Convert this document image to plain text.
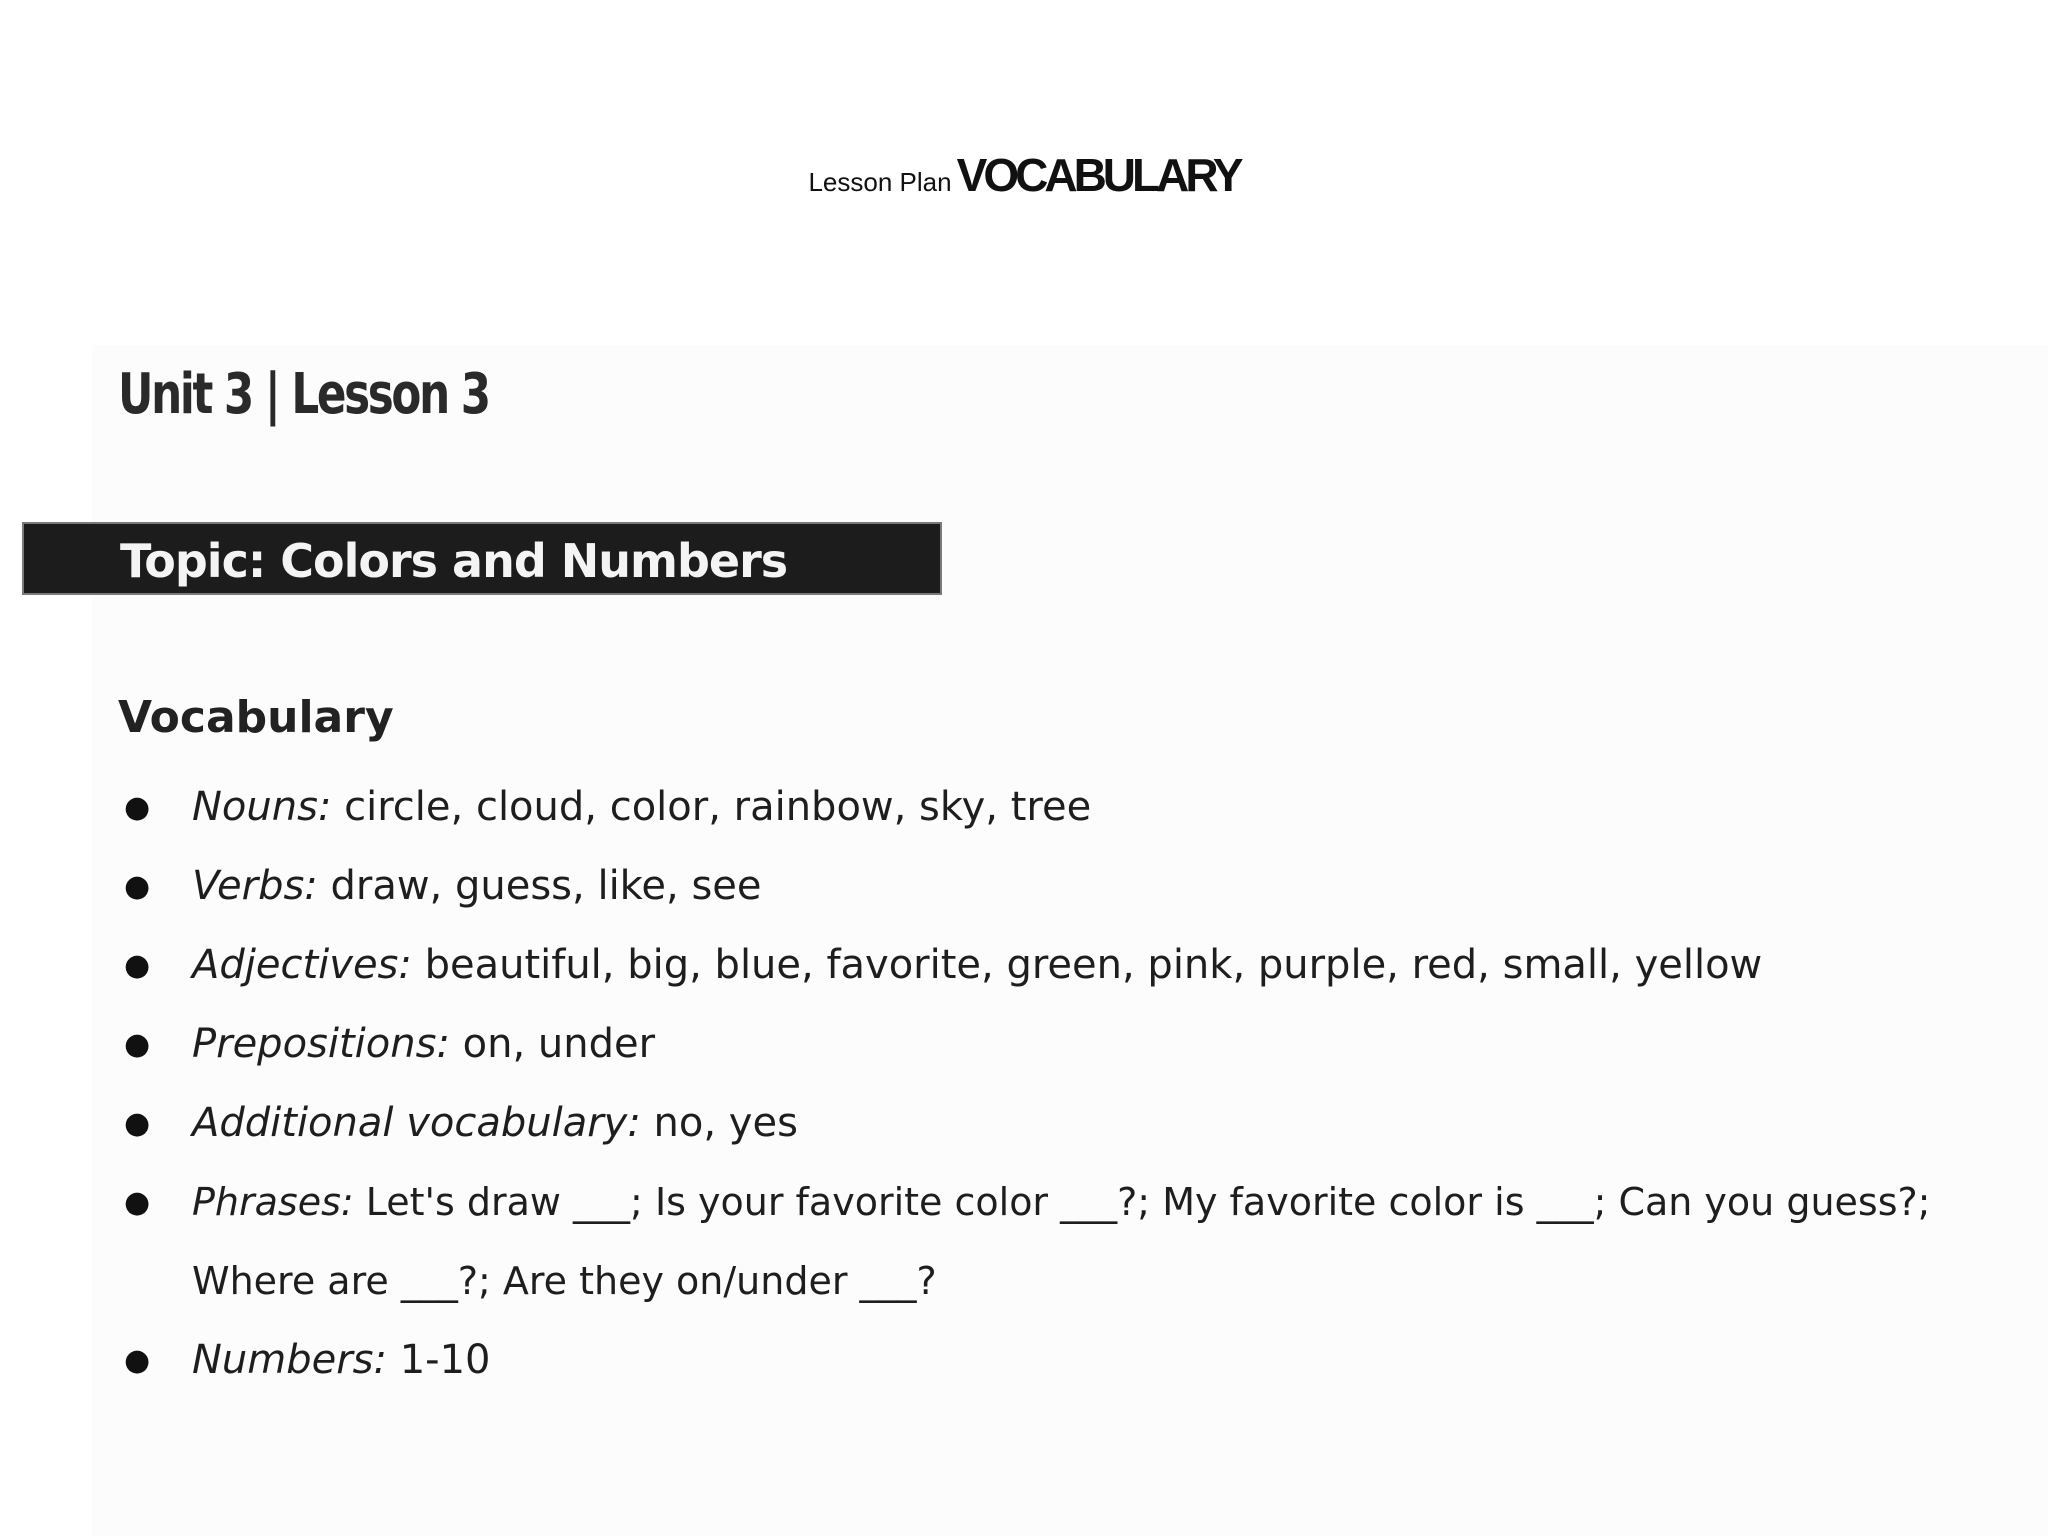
Lesson Plan VOCABULARY
Unit 3 | Lesson 3
Topic: Colors and Numbers
Vocabulary
● Nouns: circle, cloud, color, rainbow, sky, tree
● Verbs: draw, guess, like, see
● Adjectives: beautiful, big, blue, favorite, green, pink, purple, red, small, yellow
● Prepositions: on, under
● Additional vocabulary: no, yes
● Phrases: Let's draw ___; Is your favorite color ___?; My favorite color is ___; Can you guess?;
Where are ___?; Are they on/under ___?
● Numbers: 1-10
